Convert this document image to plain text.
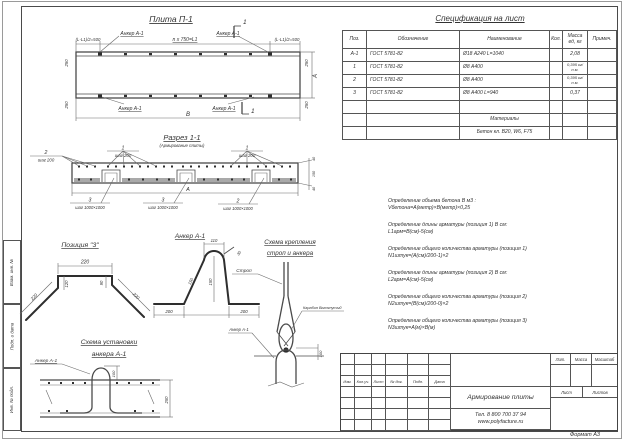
Взам. инв. №
Подп. и дата
Инв. № подл.
Плита П-1	1
1
(L-L1)/2=500	n x 750=L1	(L-L1)/2=500
Анкер А-1	Анкер А-1
Анкер А-1	Анкер А-1
250	250
250	250
А
В
Разрез 1-1
(Армирование плиты)
2
шаг 200
1
шаг 200
1
шаг 200
3
шаг 1000×1000
3
шаг 1000×1000
2
шаг 1000×1000
40
150
40
А
Позиция "3"
220
220	220
120	90
Анкер А-1
110
30
150
150
200	200
Схема крепления
строп и анкера
Строп
Карабин Вытянутый
Анкер А-1
100
Схема установки
анкера А-1
Анкер А-1
100
250
Спецификация на лист
Поз.	Обозначение	Наименование	Кол.	Масса ед, кг	Примеч.
А-1	ГОСТ 5781-82	Ø18 А240 L=1040		2,08	
1	ГОСТ 5781-82	Ø8 А400		0,395 кг/п.м.	
2	ГОСТ 5781-82	Ø8 А400		0,395 кг/п.м.	
3	ГОСТ 5781-82	Ø8 А400 L=940		0,37	

		Материалы			
		Бетон кл. В20, W6, F75			
Определение объема бетона В м3 :
Vбетона=А(метр)×В(метр)×0,25
Определение длины арматуры (позиция 1) В см:
L1арм=В(см)-5(см)
Определение общего количества арматуры (позиция 1)
N1штук=(А(см)/200-1)×2
Определение длины арматуры (позиция 2) В см:
L2арм=А(см)-5(см)
Определение общего количества арматуры (позиция 2)
N2штук=(В(см)/200-0)×2
Определение общего количества арматуры (позиция 3)
N3штук=А(м)×В(м)
Изм.	Кол.уч.	Лист	№ док.	Подп.	Дата
Армирование плиты
Тел. 8 800 700 37 94
www.polyfacture.ru
Лит.	Масса	Масштаб
Лист	Листов
Формат А3
